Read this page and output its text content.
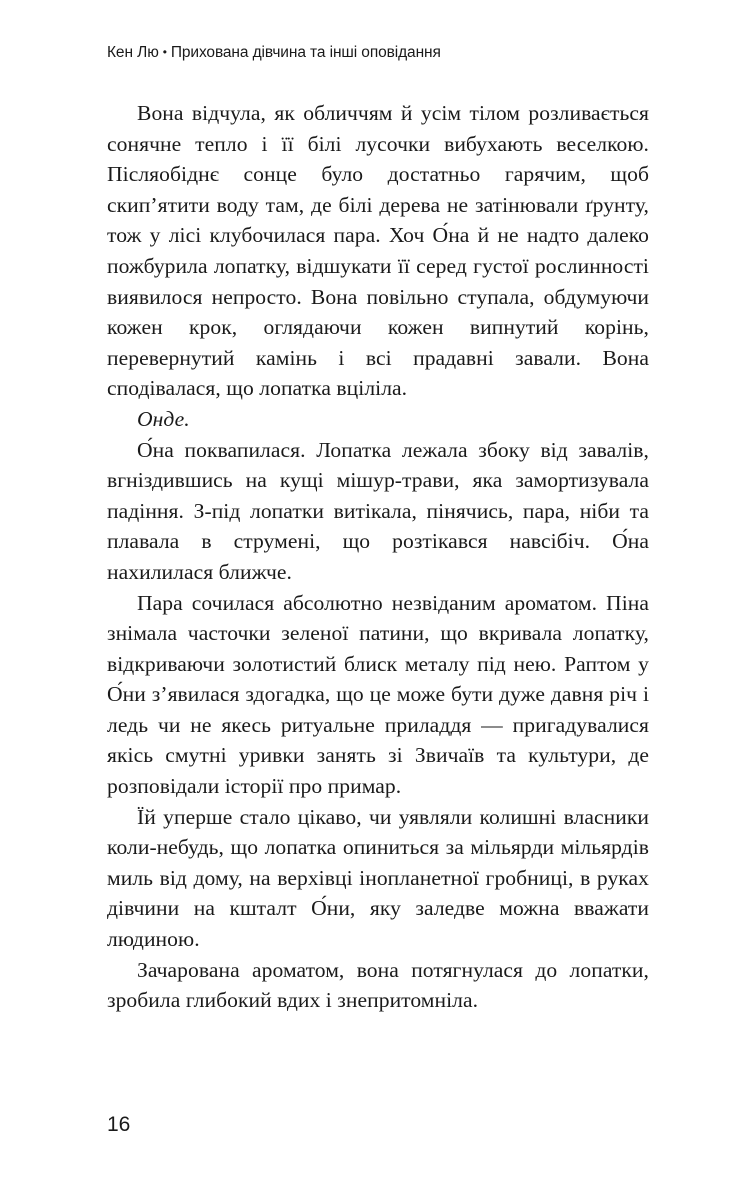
Кен Лю • Прихована дівчина та інші оповідання

Вона відчула, як обличчям й усім тілом розливається сонячне тепло і її білі лусочки вибухають веселкою. Післяобіднє сонце було достатньо гарячим, щоб скип’ятити воду там, де білі дерева не затінювали ґрунту, тож у лісі клубочилася пара. Хоч О́на й не надто далеко пожбурила лопатку, відшукати її серед густої рослинності виявилося непросто. Вона повільно ступала, обдумуючи кожен крок, оглядаючи кожен випнутий корінь, перевернутий камінь і всі прадавні завали. Вона сподівалася, що лопатка вціліла.

Онде.

О́на поквапилася. Лопатка лежала збоку від завалів, вгніздившись на кущі мішур-трави, яка замортизувала падіння. З-під лопатки витікала, пінячись, пара, ніби та плавала в струмені, що розтікався навсібіч. О́на нахилилася ближче.

Пара сочилася абсолютно незвіданим ароматом. Піна знімала часточки зеленої патини, що вкривала лопатку, відкриваючи золотистий блиск металу під нею. Раптом у О́ни з’явилася здогадка, що це може бути дуже давня річ і ледь чи не якесь ритуальне приладдя — пригадувалися якісь смутні уривки занять зі Звичаїв та культури, де розповідали історії про примар.

Їй уперше стало цікаво, чи уявляли колишні власники коли-небудь, що лопатка опиниться за мільярди мільярдів миль від дому, на верхівці інопланетної гробниці, в руках дівчини на кшталт О́ни, яку заледве можна вважати людиною.

Зачарована ароматом, вона потягнулася до лопатки, зробила глибокий вдих і знепритомніла.

16
